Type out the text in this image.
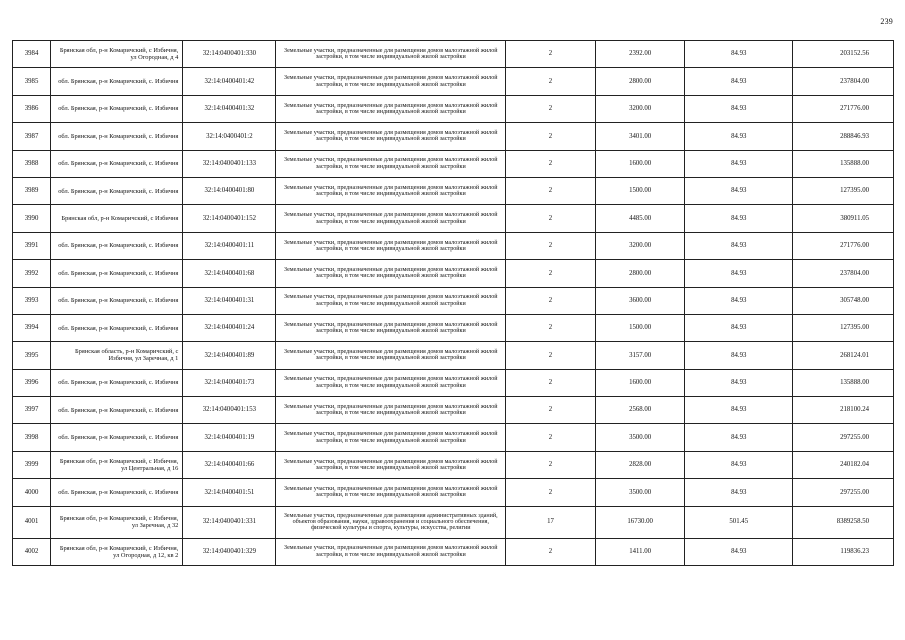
239
3984	Брянская обл, р-н Комаричский, с Избичня, ул Огородная, д 4	32:14:0400401:330	Земельные участки, предназначенные для размещения домов малоэтажной жилой застройки, в том числе индивидуальной жилой застройки	2	2392.00	84.93	203152.56
3985	обл. Брянская, р-н Комаричский, с. Избичня	32:14:0400401:42	Земельные участки, предназначенные для размещения домов малоэтажной жилой застройки, в том числе индивидуальной жилой застройки	2	2800.00	84.93	237804.00
3986	обл. Брянская, р-н Комаричский, с. Избичня	32:14:0400401:32	Земельные участки, предназначенные для размещения домов малоэтажной жилой застройки, в том числе индивидуальной жилой застройки	2	3200.00	84.93	271776.00
3987	обл. Брянская, р-н Комаричский, с. Избичня	32:14:0400401:2	Земельные участки, предназначенные для размещения домов малоэтажной жилой застройки, в том числе индивидуальной жилой застройки	2	3401.00	84.93	288846.93
3988	обл. Брянская, р-н Комаричский, с. Избичня	32:14:0400401:133	Земельные участки, предназначенные для размещения домов малоэтажной жилой застройки, в том числе индивидуальной жилой застройки	2	1600.00	84.93	135888.00
3989	обл. Брянская, р-н Комаричский, с. Избичня	32:14:0400401:80	Земельные участки, предназначенные для размещения домов малоэтажной жилой застройки, в том числе индивидуальной жилой застройки	2	1500.00	84.93	127395.00
3990	Брянская обл, р-н Комаричский, с Избичня	32:14:0400401:152	Земельные участки, предназначенные для размещения домов малоэтажной жилой застройки, в том числе индивидуальной жилой застройки	2	4485.00	84.93	380911.05
3991	обл. Брянская, р-н Комаричский, с. Избичня	32:14:0400401:11	Земельные участки, предназначенные для размещения домов малоэтажной жилой застройки, в том числе индивидуальной жилой застройки	2	3200.00	84.93	271776.00
3992	обл. Брянская, р-н Комаричский, с. Избичня	32:14:0400401:68	Земельные участки, предназначенные для размещения домов малоэтажной жилой застройки, в том числе индивидуальной жилой застройки	2	2800.00	84.93	237804.00
3993	обл. Брянская, р-н Комаричский, с. Избичня	32:14:0400401:31	Земельные участки, предназначенные для размещения домов малоэтажной жилой застройки, в том числе индивидуальной жилой застройки	2	3600.00	84.93	305748.00
3994	обл. Брянская, р-н Комаричский, с. Избичня	32:14:0400401:24	Земельные участки, предназначенные для размещения домов малоэтажной жилой застройки, в том числе индивидуальной жилой застройки	2	1500.00	84.93	127395.00
3995	Брянская область, р-н Комаричский, с Избичня, ул Заречная, д 1	32:14:0400401:89	Земельные участки, предназначенные для размещения домов малоэтажной жилой застройки, в том числе индивидуальной жилой застройки	2	3157.00	84.93	268124.01
3996	обл. Брянская, р-н Комаричский, с. Избичня	32:14:0400401:73	Земельные участки, предназначенные для размещения домов малоэтажной жилой застройки, в том числе индивидуальной жилой застройки	2	1600.00	84.93	135888.00
3997	обл. Брянская, р-н Комаричский, с. Избичня	32:14:0400401:153	Земельные участки, предназначенные для размещения домов малоэтажной жилой застройки, в том числе индивидуальной жилой застройки	2	2568.00	84.93	218100.24
3998	обл. Брянская, р-н Комаричский, с. Избичня	32:14:0400401:19	Земельные участки, предназначенные для размещения домов малоэтажной жилой застройки, в том числе индивидуальной жилой застройки	2	3500.00	84.93	297255.00
3999	Брянская обл, р-н Комаричский, с Избичня, ул Центральная, д 16	32:14:0400401:66	Земельные участки, предназначенные для размещения домов малоэтажной жилой застройки, в том числе индивидуальной жилой застройки	2	2828.00	84.93	240182.04
4000	обл. Брянская, р-н Комаричский, с. Избичня	32:14:0400401:51	Земельные участки, предназначенные для размещения домов малоэтажной жилой застройки, в том числе индивидуальной жилой застройки	2	3500.00	84.93	297255.00
4001	Брянская обл, р-н Комаричский, с Избичня, ул Заречная, д 32	32:14:0400401:331	Земельные участки, предназначенные для размещения административных зданий, объектов образования, науки, здравоохранения и социального обеспечения, физической культуры и спорта, культуры, искусства, религии	17	16730.00	501.45	8389258.50
4002	Брянская обл, р-н Комаричский, с Избичня, ул Огородная, д 12, кв 2	32:14:0400401:329	Земельные участки, предназначенные для размещения домов малоэтажной жилой застройки, в том числе индивидуальной жилой застройки	2	1411.00	84.93	119836.23
